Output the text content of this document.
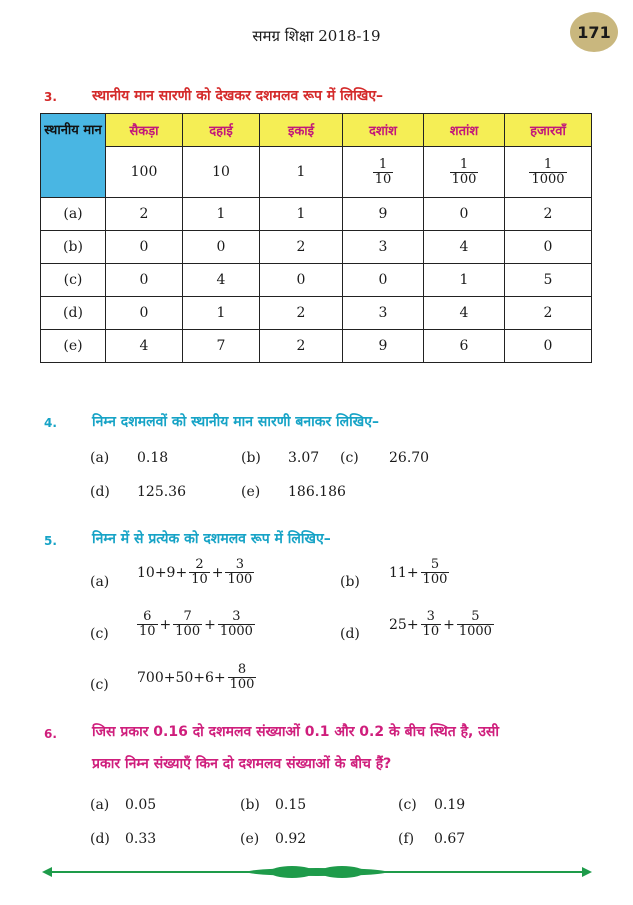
समग्र शिक्षा 2018-19	171
3.	स्थानीय मान सारणी को देखकर दशमलव रूप में लिखिए–
स्थानीय मान	सैकड़ा	दहाई	इकाई	दशांश	शतांश	हजारवाँ
	100	10	1	$\frac{1}{10}$	$\frac{1}{100}$	$\frac{1}{1000}$

(a)	2	1	1	9	0	2
(b)	0	0	2	3	4	0
(c)	0	4	0	0	1	5
(d)	0	1	2	3	4	2
(e)	4	7	2	9	6	0
4.	निम्न दशमलवों को स्थानीय मान सारणी बनाकर लिखिए–
(a) 0.18	(b) 3.07 (c) 26.70
(d) 125.36	(e) 186.186
5.	निम्न में से प्रत्येक को दशमलव रूप में लिखिए–
(a)
$10+9+ \frac{2}{10} + \frac{3}{100}$	(b)
$11+ \frac{5}{100}$
$(c) \frac{6}{10} + \frac{7}{100} + \frac{3}{1000}$	(d)
$25+ \frac{3}{10} + \frac{5}{1000}$
(c) $700+50+6+ \frac{8}{100}$
6.	जिस प्रकार 0.16 दो दशमलव संख्याओं 0.1 और 0.2 के बीच स्थित है, उसी
प्रकार निम्न संख्याएँ किन दो दशमलव संख्याओं के बीच हैं?
(a) 0.05	(b) 0.15	(c) 0.19
(d) 0.33	(e) 0.92	(f) 0.67
